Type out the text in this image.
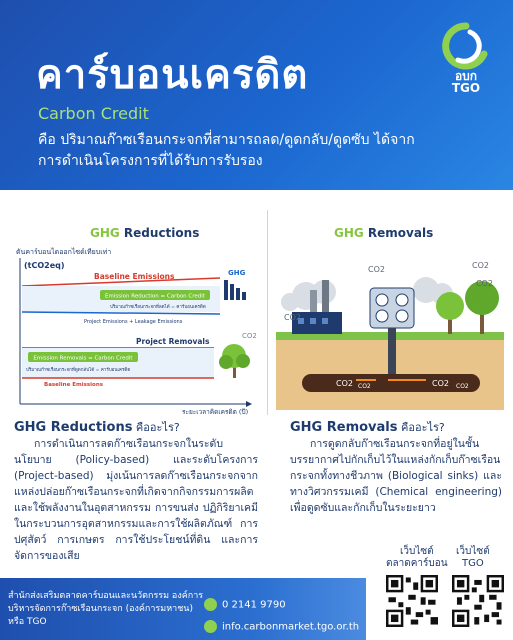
คาร์บอนเครดิต
Carbon Credit
คือ ปริมาณก๊าซเรือนกระจกที่สามารถลด/ดูดกลับ/ดูดซับ ได้จากการดำเนินโครงการที่ได้รับการรับรอง
อบก
TGO
GHG Reductions	GHG Removals
ตันคาร์บอนไดออกไซด์เทียบเท่า
(tCO2eq)
Baseline Emissions
Emission Reduction = Carbon Credit
ปริมาณก๊าซเรือนกระจกที่ลดได้ = คาร์บอนเครดิต
Project Emissions + Leakage Emissions
GHG
Project Removals
Emission Removals = Carbon Credit
ปริมาณก๊าซเรือนกระจกที่ดูดกลับได้ = คาร์บอนเครดิต
Baseline Emissions
CO2
ระยะเวลาคิดเครดิต (ปี)
CO2
CO2
CO2
CO2
CO2 CO2	CO2 CO2
GHG Reductions คืออะไร?
การดำเนินการลดก๊าซเรือนกระจกในระดับนโยบาย (Policy-based) และระดับโครงการ (Project-based) มุ่งเน้นการลดก๊าซเรือนกระจกจากแหล่งปล่อยก๊าซเรือนกระจกที่เกิดจากกิจกรรมการผลิตและใช้พลังงานในอุตสาหกรรม การขนส่ง ปฏิกิริยาเคมีในกระบวนการอุตสาหกรรมและการใช้ผลิตภัณฑ์ การปศุสัตว์ การเกษตร การใช้ประโยชน์ที่ดิน และการจัดการของเสีย
GHG Removals คืออะไร?
การดูดกลับก๊าซเรือนกระจกที่อยู่ในชั้นบรรยากาศไปกักเก็บไว้ในแหล่งกักเก็บก๊าซเรือนกระจกทั้งทางชีวภาพ (Biological sinks) และทางวิศวกรรมเคมี (Chemical engineering) เพื่อดูดซับและกักเก็บในระยะยาว
เว็บไซต์
ตลาดคาร์บอน
เว็บไซต์
TGO
สำนักส่งเสริมตลาดคาร์บอนและนวัตกรรม องค์การบริหารจัดการก๊าซเรือนกระจก (องค์การมหาชน) หรือ TGO
0 2141 9790
info.carbonmarket.tgo.or.th
